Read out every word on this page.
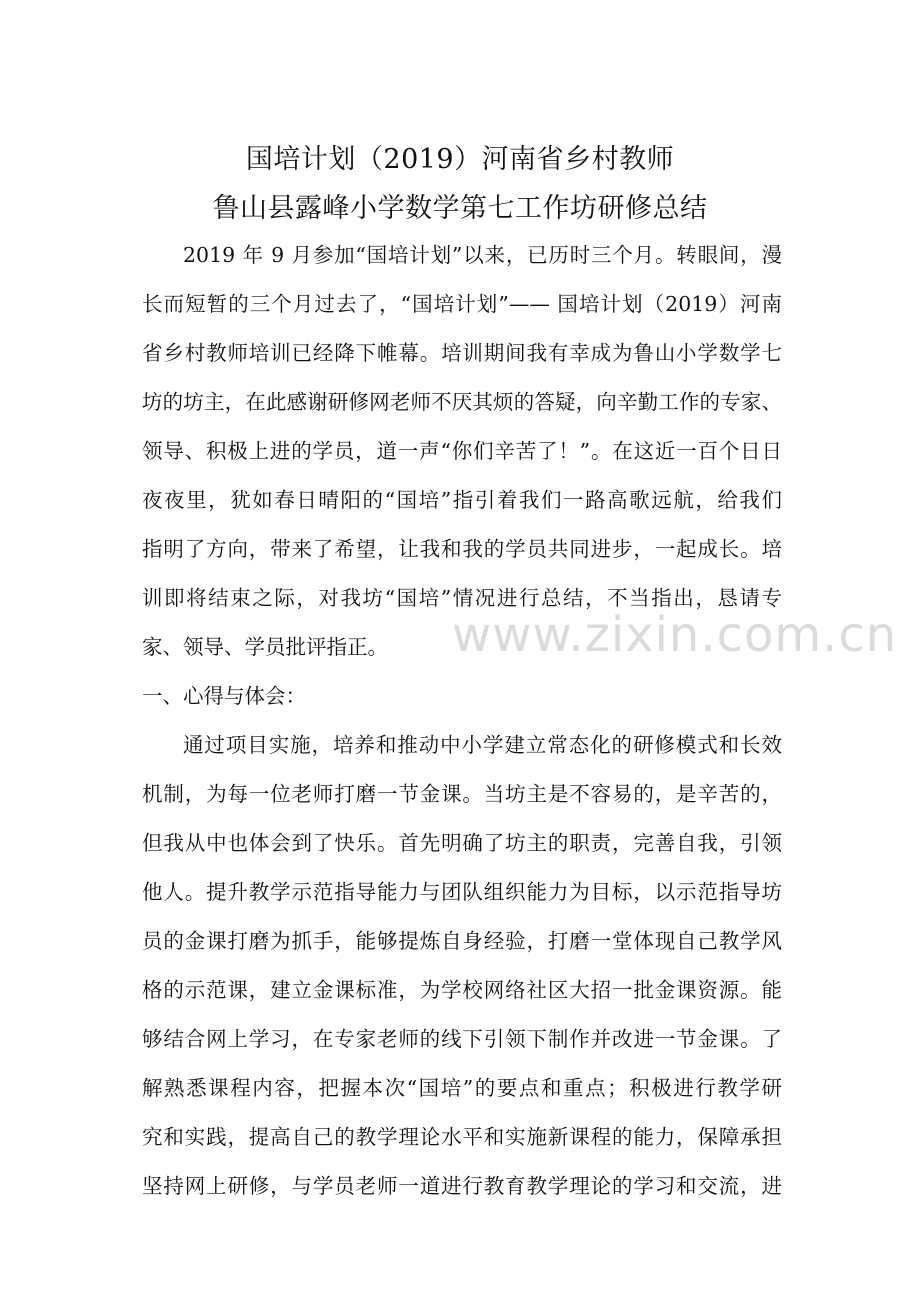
国培计划（2019）河南省乡村教师
鲁山县露峰小学数学第七工作坊研修总结
2019 年 9 月参加“国培计划”以来，已历时三个月。转眼间，漫
长而短暂的三个月过去了，“国培计划”—— 国培计划（2019）河南
省乡村教师培训已经降下帷幕。培训期间我有幸成为鲁山小学数学七
坊的坊主，在此感谢研修网老师不厌其烦的答疑，向辛勤工作的专家、
领导、积极上进的学员，道一声“你们辛苦了！”。在这近一百个日日
夜夜里，犹如春日晴阳的“国培”指引着我们一路高歌远航，给我们
指明了方向，带来了希望，让我和我的学员共同进步，一起成长。培
训即将结束之际，对我坊“国培”情况进行总结，不当指出，恳请专
家、领导、学员批评指正。
一、心得与体会：
通过项目实施，培养和推动中小学建立常态化的研修模式和长效
机制，为每一位老师打磨一节金课。当坊主是不容易的，是辛苦的，
但我从中也体会到了快乐。首先明确了坊主的职责，完善自我，引领
他人。提升教学示范指导能力与团队组织能力为目标，以示范指导坊
员的金课打磨为抓手，能够提炼自身经验，打磨一堂体现自己教学风
格的示范课，建立金课标准，为学校网络社区大招一批金课资源。能
够结合网上学习，在专家老师的线下引领下制作并改进一节金课。了
解熟悉课程内容，把握本次“国培”的要点和重点；积极进行教学研
究和实践，提高自己的教学理论水平和实施新课程的能力，保障承担
坚持网上研修，与学员老师一道进行教育教学理论的学习和交流，进
www.zixin.com.cn
